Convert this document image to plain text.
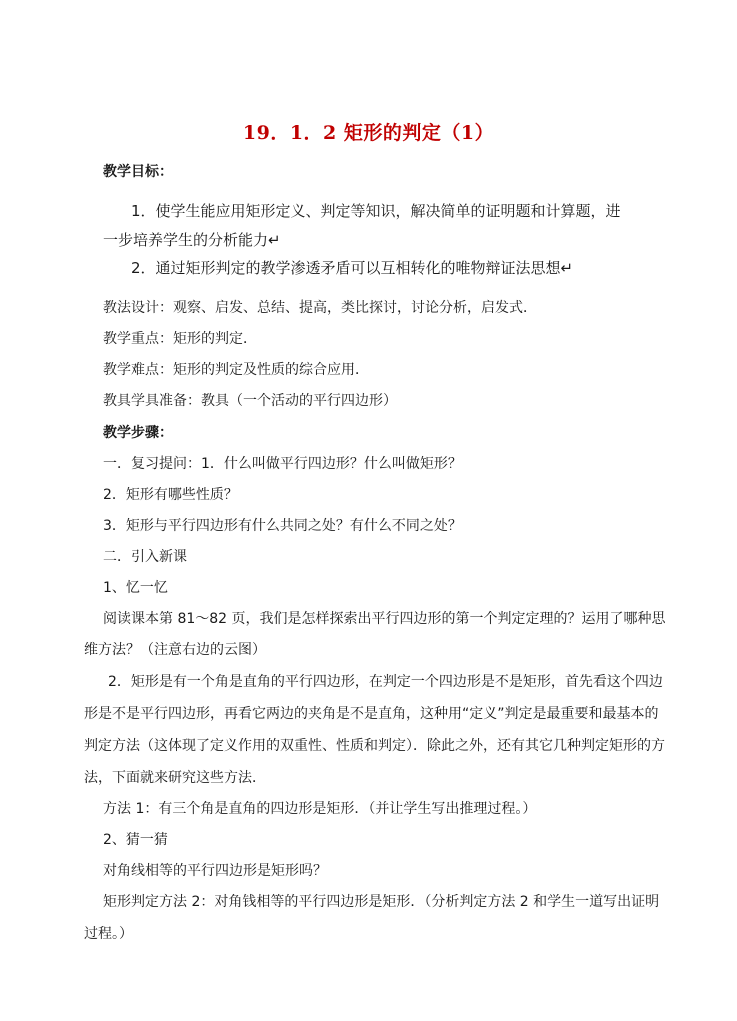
19．1．2 矩形的判定（1）
教学目标：
1．使学生能应用矩形定义、判定等知识，解决简单的证明题和计算题，进
一步培养学生的分析能力↵
2．通过矩形判定的教学渗透矛盾可以互相转化的唯物辩证法思想↵
教法设计：观察、启发、总结、提高，类比探讨，讨论分析，启发式．
教学重点：矩形的判定．
教学难点：矩形的判定及性质的综合应用．
教具学具准备：教具（一个活动的平行四边形）
教学步骤：
一．复习提问：1．什么叫做平行四边形？什么叫做矩形？
2．矩形有哪些性质？
3．矩形与平行四边形有什么共同之处？有什么不同之处？
二．引入新课
1、忆一忆
阅读课本第 81～82 页，我们是怎样探索出平行四边形的第一个判定定理的？运用了哪种思
维方法？（注意右边的云图）
2．矩形是有一个角是直角的平行四边形，在判定一个四边形是不是矩形，首先看这个四边
形是不是平行四边形，再看它两边的夹角是不是直角，这种用“定义”判定是最重要和最基本的
判定方法（这体现了定义作用的双重性、性质和判定）．除此之外，还有其它几种判定矩形的方
法，下面就来研究这些方法．
方法 1：有三个角是直角的四边形是矩形．（并让学生写出推理过程。）
2、猜一猜
对角线相等的平行四边形是矩形吗？
矩形判定方法 2：对角钱相等的平行四边形是矩形．（分析判定方法 2 和学生一道写出证明
过程。）
